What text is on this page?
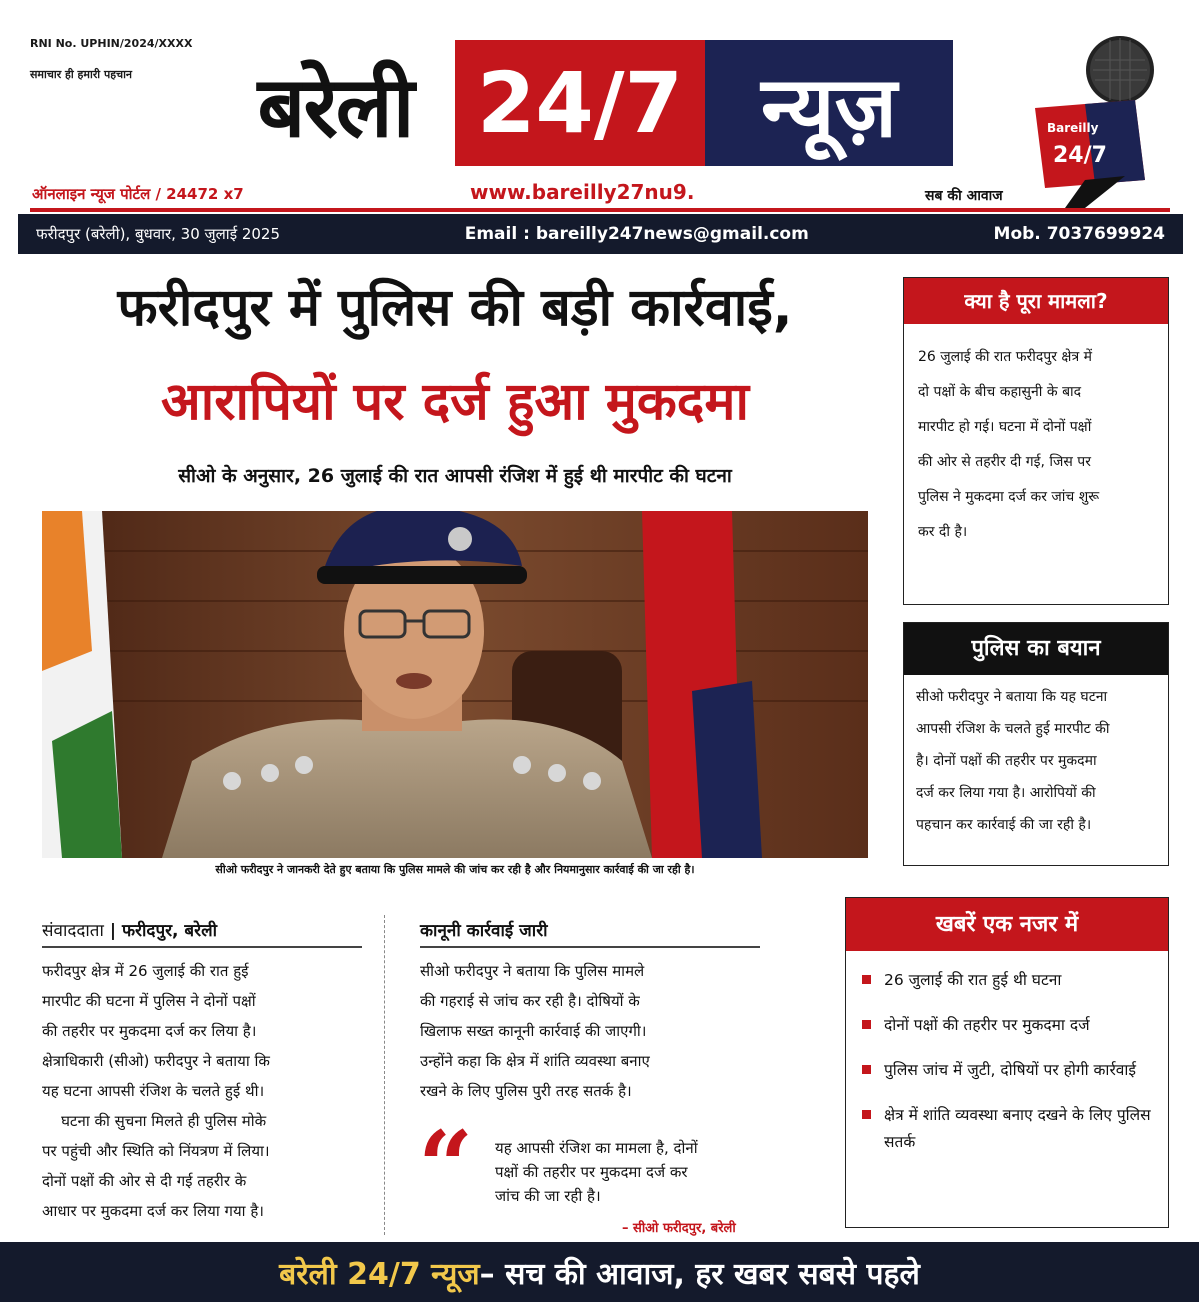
RNI No. UPHIN/2024/XXXX
समाचार ही हमारी पहचान	बरेली 24/7 न्यूज़	Bareilly
24/7
ऑनलाइन न्यूज पोर्टल / 24472 x7	www.bareilly27nu9.	सब की आवाज
फरीदपुर (बरेली), बुधवार, 30 जुलाई 2025	Email : bareilly247news@gmail.com	Mob. 7037699924
फरीदपुर में पुलिस की बड़ी कार्रवाई,
आरापियों पर दर्ज हुआ मुकदमा
सीओ के अनुसार, 26 जुलाई की रात आपसी रंजिश में हुई थी मारपीट की घटना
सीओ फरीदपुर ने जानकरी देते हुए बताया कि पुलिस मामले की जांच कर रही है और नियमानुसार कार्रवाई की जा रही है।
क्या है पूरा मामला?
26 जुलाई की रात फरीदपुर क्षेत्र में
दो पक्षों के बीच कहासुनी के बाद
मारपीट हो गई। घटना में दोनों पक्षों
की ओर से तहरीर दी गई, जिस पर
पुलिस ने मुकदमा दर्ज कर जांच शुरू
कर दी है।
पुलिस का बयान
सीओ फरीदपुर ने बताया कि यह घटना
आपसी रंजिश के चलते हुई मारपीट की
है। दोनों पक्षों की तहरीर पर मुकदमा
दर्ज कर लिया गया है। आरोपियों की
पहचान कर कार्रवाई की जा रही है।
संवाददाता | फरीदपुर, बरेली
फरीदपुर क्षेत्र में 26 जुलाई की रात हुई
मारपीट की घटना में पुलिस ने दोनों पक्षों
की तहरीर पर मुकदमा दर्ज कर लिया है।
क्षेत्राधिकारी (सीओ) फरीदपुर ने बताया कि
यह घटना आपसी रंजिश के चलते हुई थी।
घटना की सुचना मिलते ही पुलिस मोके
पर पहुंची और स्थिति को निंयत्रण में लिया।
दोनों पक्षों की ओर से दी गई तहरीर के
आधार पर मुकदमा दर्ज कर लिया गया है।
कानूनी कार्रवाई जारी
सीओ फरीदपुर ने बताया कि पुलिस मामले
की गहराई से जांच कर रही है। दोषियों के
खिलाफ सख्त कानूनी कार्रवाई की जाएगी।
उन्होंने कहा कि क्षेत्र में शांति व्यवस्था बनाए
रखने के लिए पुलिस पुरी तरह सतर्क है।
“ यह आपसी रंजिश का मामला है, दोनों
पक्षों की तहरीर पर मुकदमा दर्ज कर
जांच की जा रही है।
– सीओ फरीदपुर, बरेली
खबरें एक नजर में
26 जुलाई की रात हुई थी घटना
दोनों पक्षों की तहरीर पर मुकदमा दर्ज
पुलिस जांच में जुटी, दोषियों पर होगी कार्रवाई
क्षेत्र में शांति व्यवस्था बनाए दखने के लिए पुलिस सतर्क
बरेली 24/7 न्यूज – सच की आवाज, हर खबर सबसे पहले
